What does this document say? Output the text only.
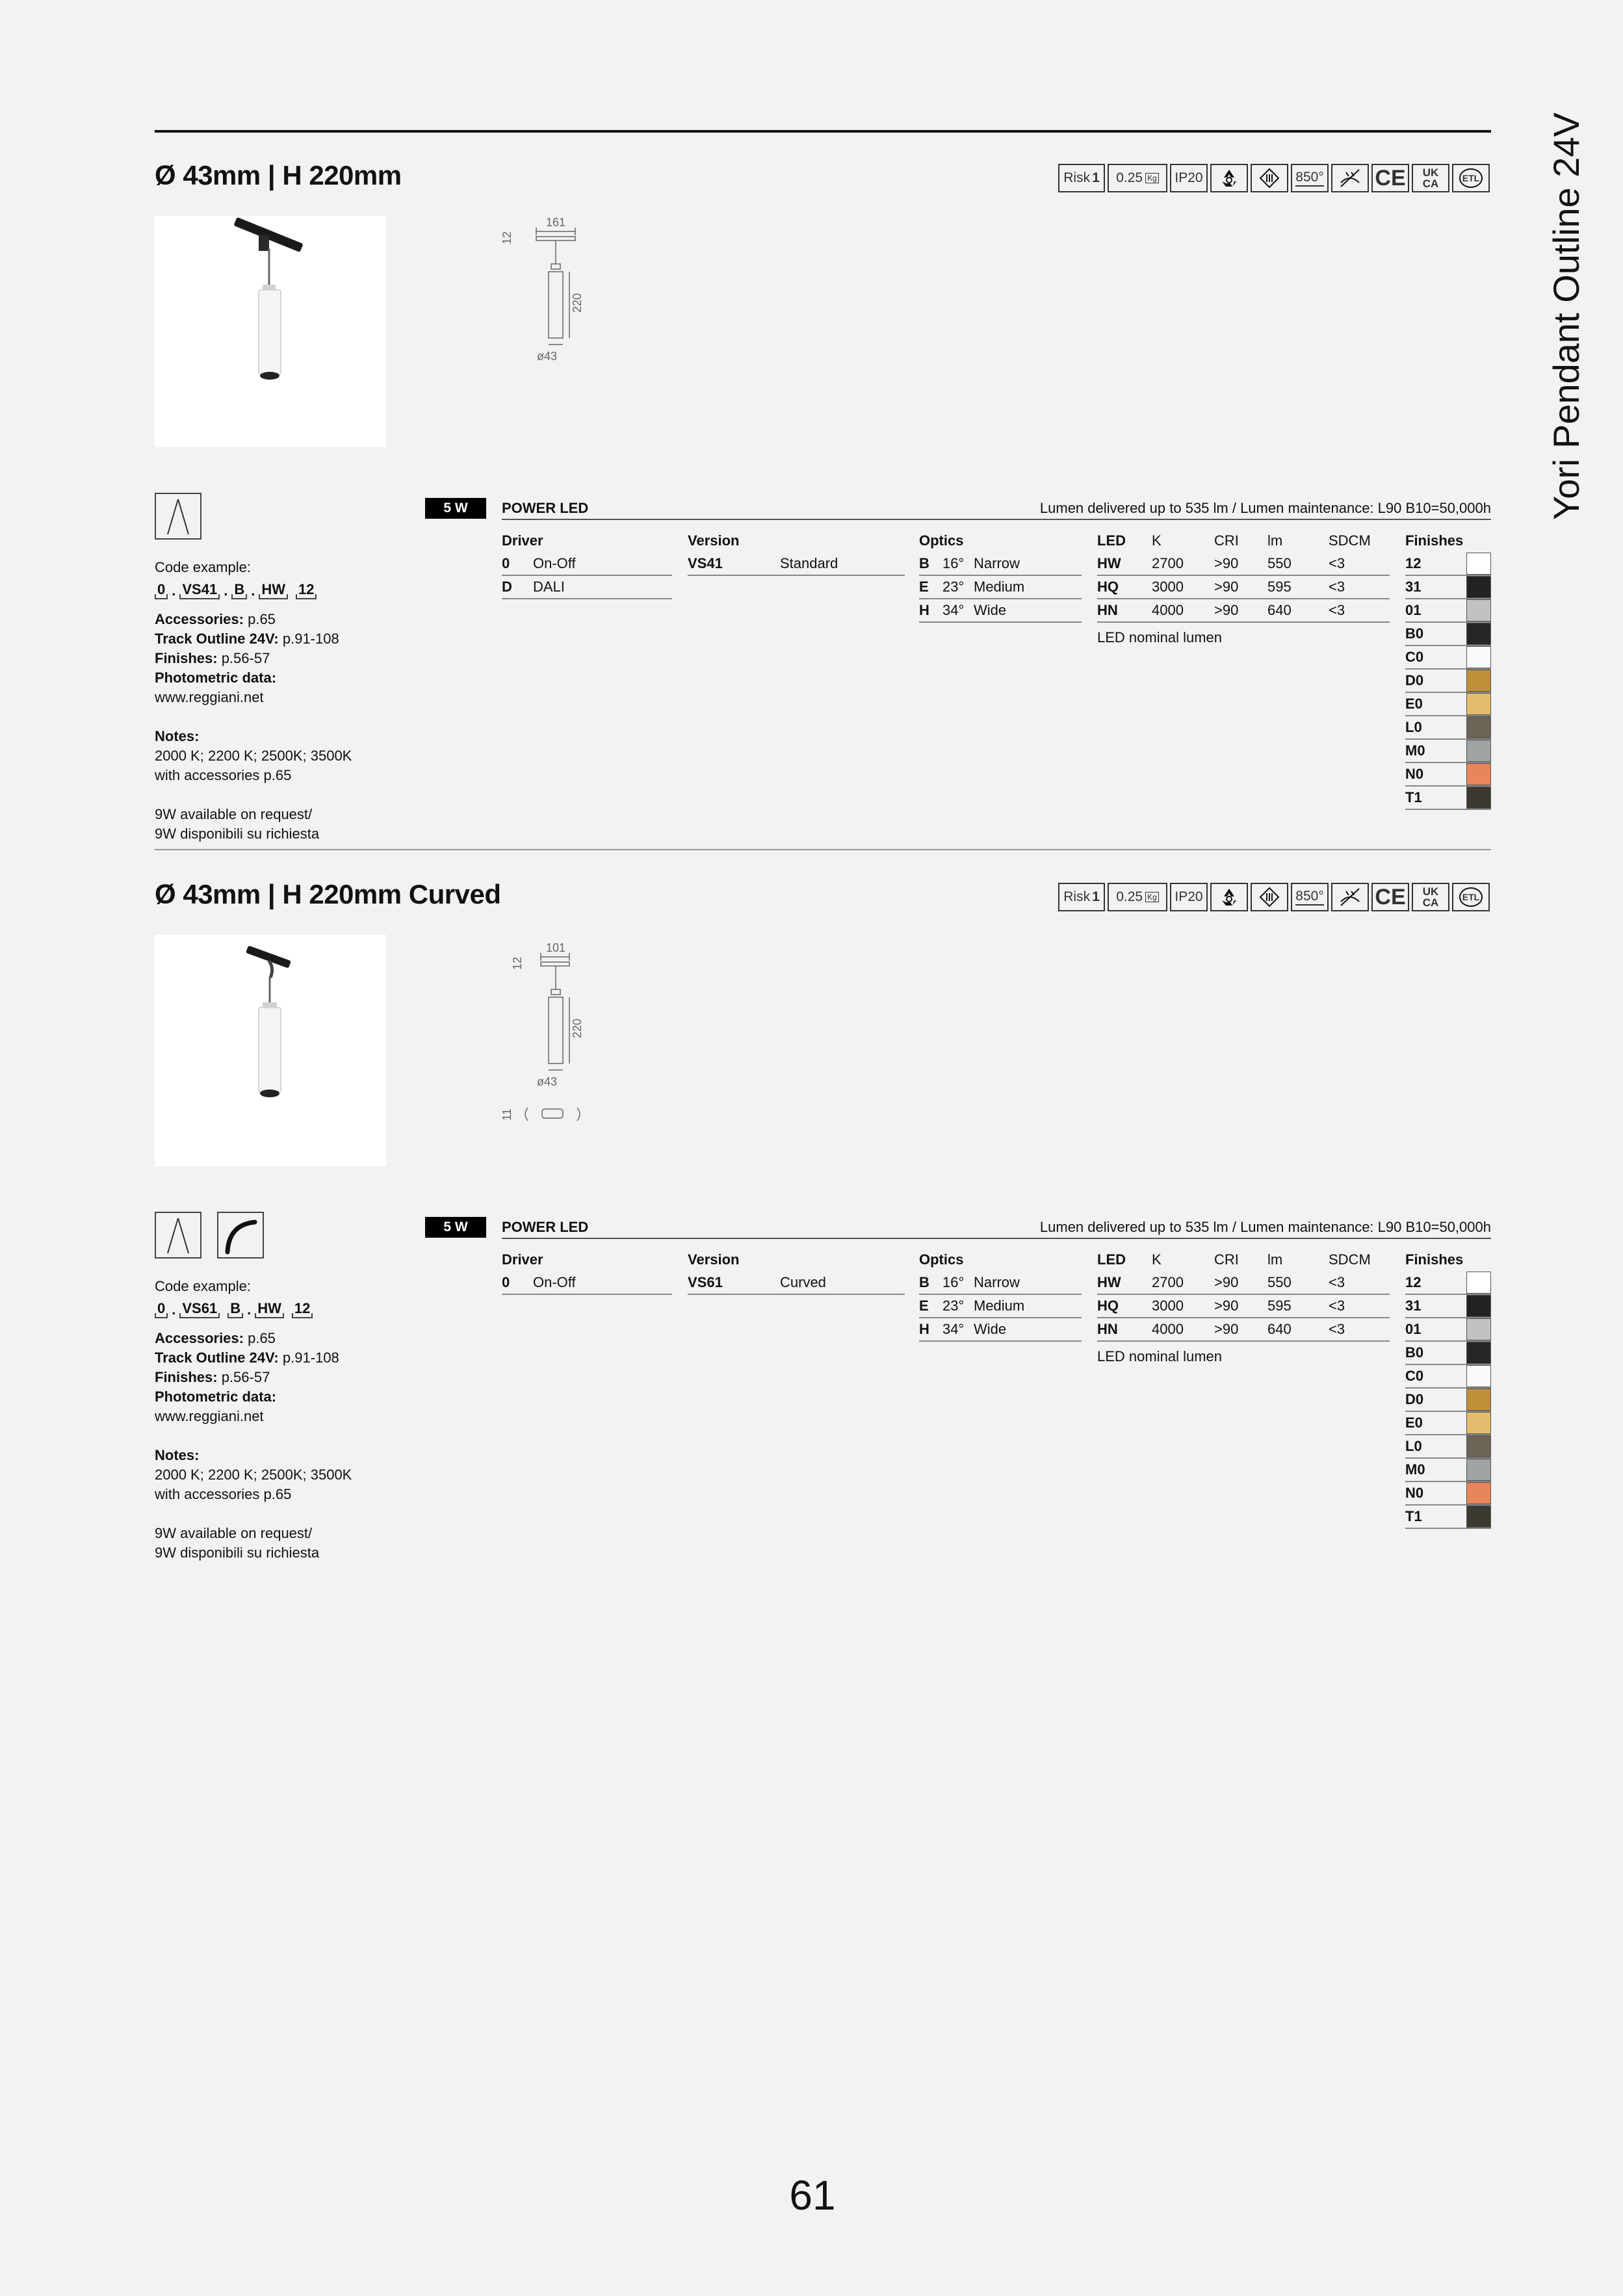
Yori Pendant Outline 24V
Ø 43mm | H 220mm	Risk 1 0.25 Kg	IP20	850° CE	UK CA	ETL
161
12
220
ø43
Code example:
0 . VS41 . B . HW 12
Accessories: p.65
Track Outline 24V: p.91-108
Finishes: p.56-57
Photometric data:
www.reggiani.net
Notes:
2000 K; 2200 K; 2500K; 3500K
with accessories p.65
9W available on request/
9W disponibili su richiesta
5 W	POWER LED	Lumen delivered up to 535 lm / Lumen maintenance: L90 B10=50,000h
Driver
0	On-Off
D	DALI
Version
VS41	Standard
Optics
B 16° Narrow
E 23° Medium
H 34° Wide
LED	K	CRI	lm	SDCM
HW	2700	>90	550	<3
HQ	3000	>90	595	<3
HN	4000	>90	640	<3
LED nominal lumen
Finishes
12
31
01
B0
C0
D0
E0
L0
M0
N0
T1
Ø 43mm | H 220mm Curved	Risk 1 0.25 Kg	IP20	850° CE	UK CA	ETL
101
12
220
ø43
11
Code example:
0 . VS61 B . HW 12
Accessories: p.65
Track Outline 24V: p.91-108
Finishes: p.56-57
Photometric data:
www.reggiani.net
Notes:
2000 K; 2200 K; 2500K; 3500K
with accessories p.65
9W available on request/
9W disponibili su richiesta
5 W	POWER LED	Lumen delivered up to 535 lm / Lumen maintenance: L90 B10=50,000h
Driver
0	On-Off
Version
VS61	Curved
Optics
B 16° Narrow
E 23° Medium
H 34° Wide
LED	K	CRI	lm	SDCM
HW	2700	>90	550	<3
HQ	3000	>90	595	<3
HN	4000	>90	640	<3
LED nominal lumen
Finishes
12
31
01
B0
C0
D0
E0
L0
M0
N0
T1
61
